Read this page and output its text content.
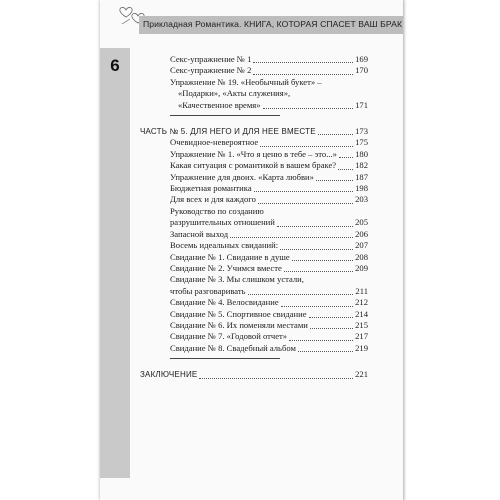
Прикладная Романтика. КНИГА, КОТОРАЯ СПАСЕТ ВАШ БРАК
6	Секс-упражнение № 1	169
Секс-упражнение № 2	170
Упражнение № 19. «Необычный букет» –
«Подарки», «Акты служения»,
«Качественное время»	171
ЧАСТЬ № 5. ДЛЯ НЕГО И ДЛЯ НЕЕ ВМЕСТЕ	173
Очевидное-невероятное	175
Упражнение № 1. «Что я ценю в тебе – это...» 180
Какая ситуация с романтикой в вашем браке? 182
Упражнение для двоих. «Карта любви»	187
Бюджетная романтика	198
Для всех и для каждого	203
Руководство по созданию
разрушительных отношений	205
Запасной выход	206
Восемь идеальных свиданий:	207
Свидание № 1. Свидание в душе	208
Свидание № 2. Учимся вместе	209
Свидание № 3. Мы слишком устали,
чтобы разговаривать	211
Свидание № 4. Велосвидание	212
Свидание № 5. Спортивное свидание	214
Свидание № 6. Их поменяли местами	215
Свидание № 7. «Годовой отчет»	217
Свидание № 8. Свадебный альбом	219
ЗАКЛЮЧЕНИЕ	221
